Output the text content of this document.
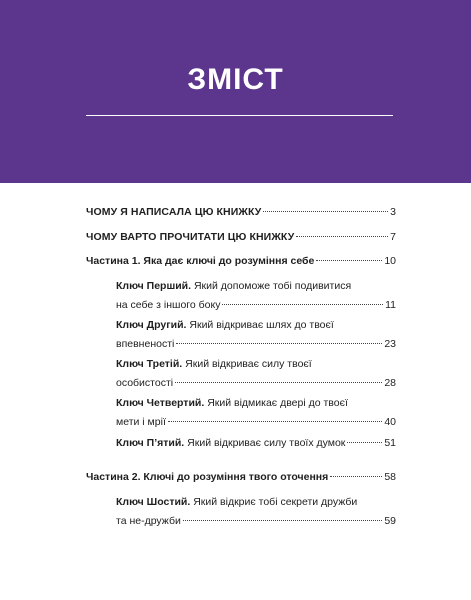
ЗМІСТ
ЧОМУ Я НАПИСАЛА ЦЮ КНИЖКУ	3
ЧОМУ ВАРТО ПРОЧИТАТИ ЦЮ КНИЖКУ	7
Частина 1. Яка дає ключі до розуміння себе	10
Ключ Перший. Який допоможе тобі подивитися
на себе з іншого боку	11
Ключ Другий. Який відкриває шлях до твоєї
впевненості	23
Ключ Третій. Який відкриває силу твоєї
особистості	28
Ключ Четвертий. Який відмикає двері до твоєї
мети і мрії	40
Ключ П’ятий. Який відкриває силу твоїх думок	51
Частина 2. Ключі до розуміння твого оточення	58
Ключ Шостий. Який відкриє тобі секрети дружби
та не-дружби	59
